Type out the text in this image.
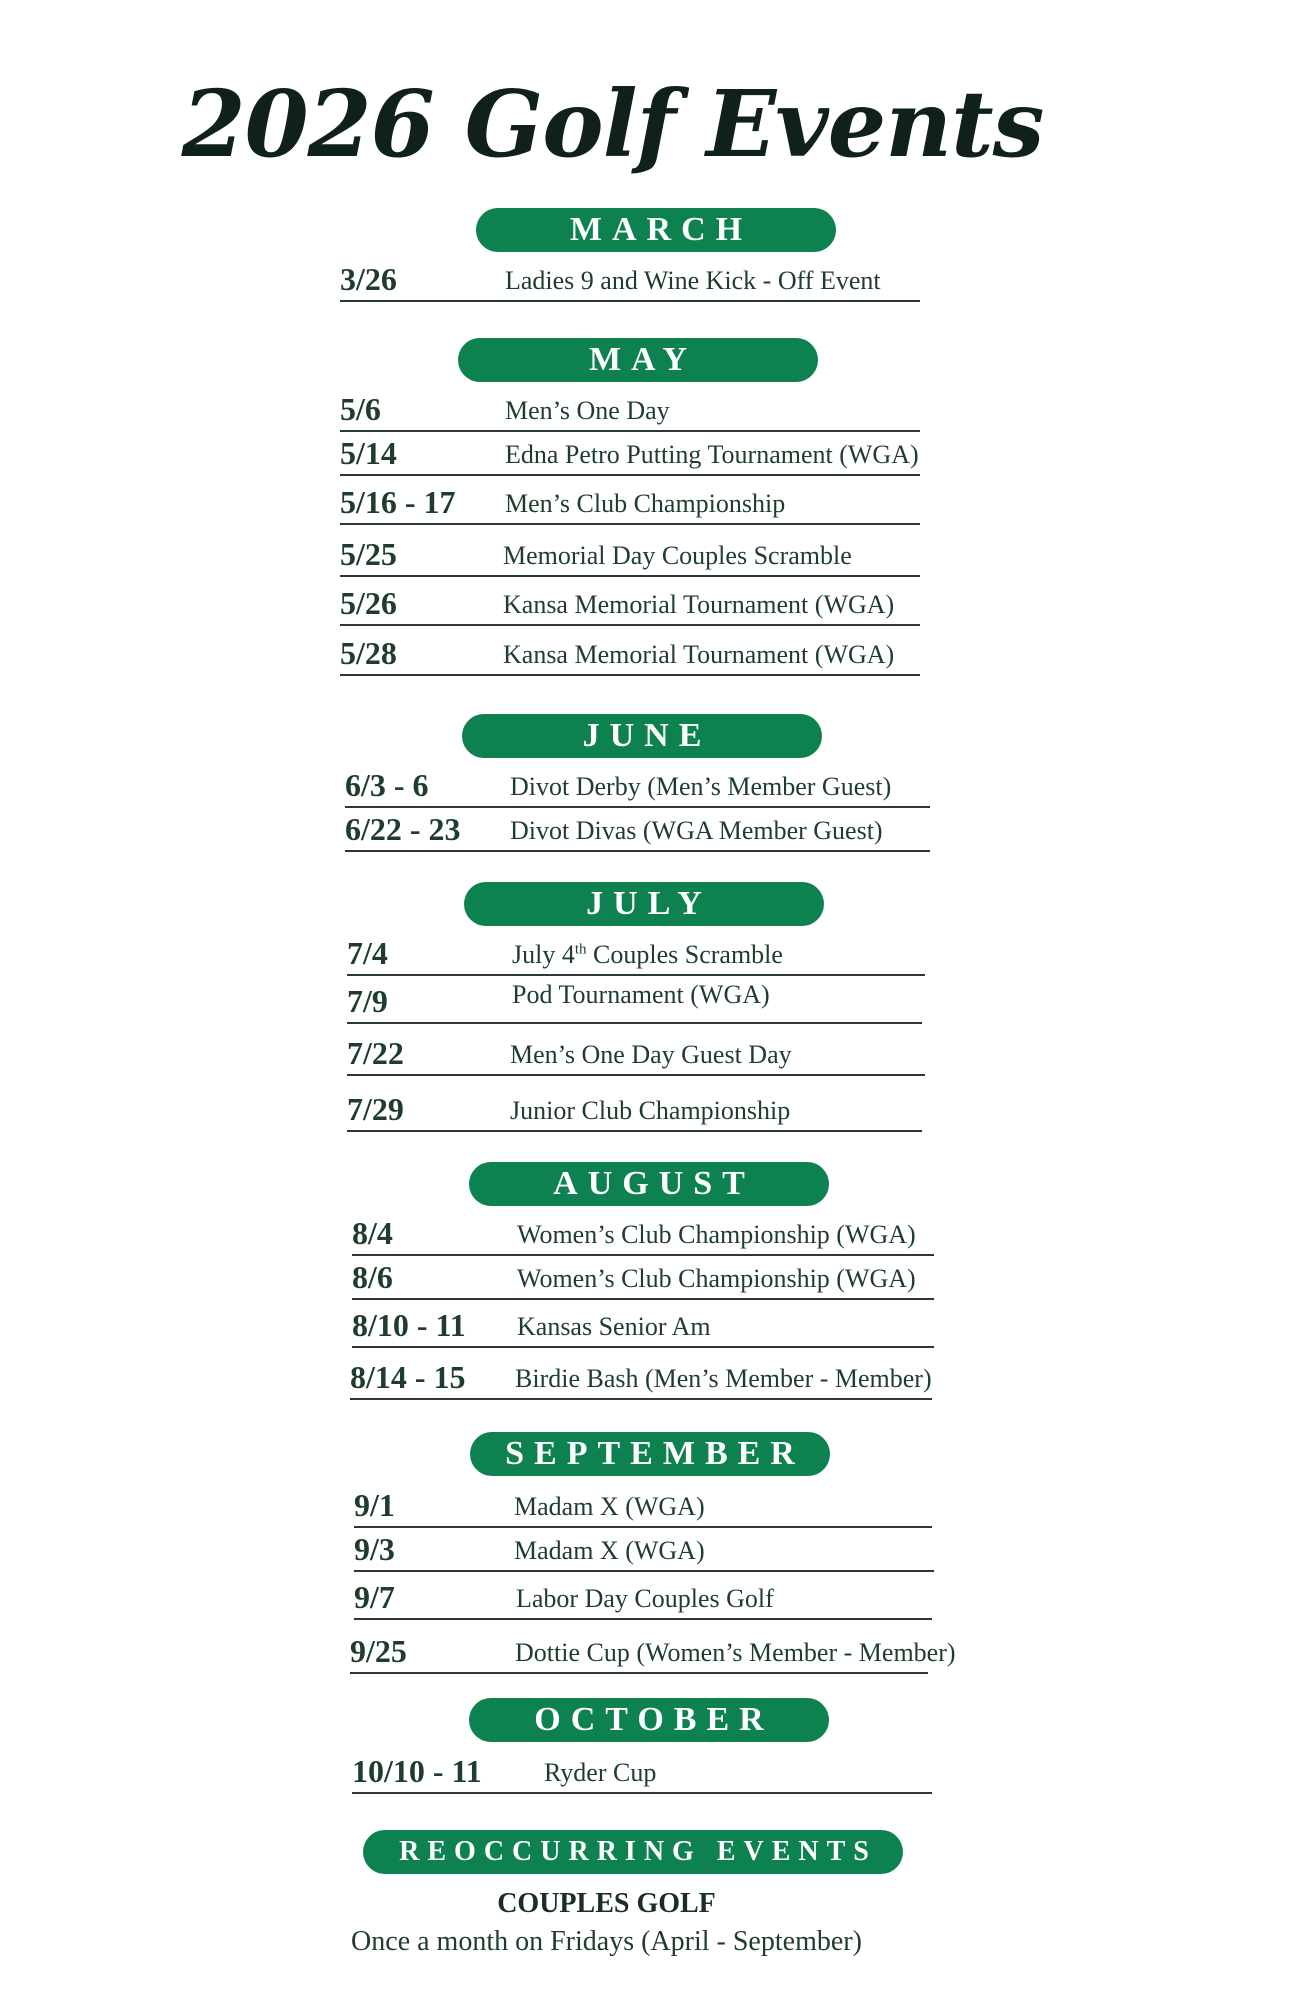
2026 Golf Events
MARCH
3/26	Ladies 9 and Wine Kick - Off Event
MAY
5/6	Men’s One Day
5/14	Edna Petro Putting Tournament (WGA)
5/16 - 17 Men’s Club Championship
5/25	Memorial Day Couples Scramble
5/26	Kansa Memorial Tournament (WGA)
5/28	Kansa Memorial Tournament (WGA)
JUNE
6/3 - 6	Divot Derby (Men’s Member Guest)
6/22 - 23 Divot Divas (WGA Member Guest)
JULY
7/4	July 4th Couples Scramble
7/9	Pod Tournament (WGA)
7/22	Men’s One Day Guest Day
7/29	Junior Club Championship
AUGUST
8/4	Women’s Club Championship (WGA)
8/6	Women’s Club Championship (WGA)
8/10 - 11 Kansas Senior Am
8/14 - 15 Birdie Bash (Men’s Member - Member)
SEPTEMBER
9/1	Madam X (WGA)
9/3	Madam X (WGA)
9/7	Labor Day Couples Golf
9/25	Dottie Cup (Women’s Member - Member)
OCTOBER
10/10 - 11 Ryder Cup
REOCCURRING EVENTS
COUPLES GOLF
Once a month on Fridays (April - September)
